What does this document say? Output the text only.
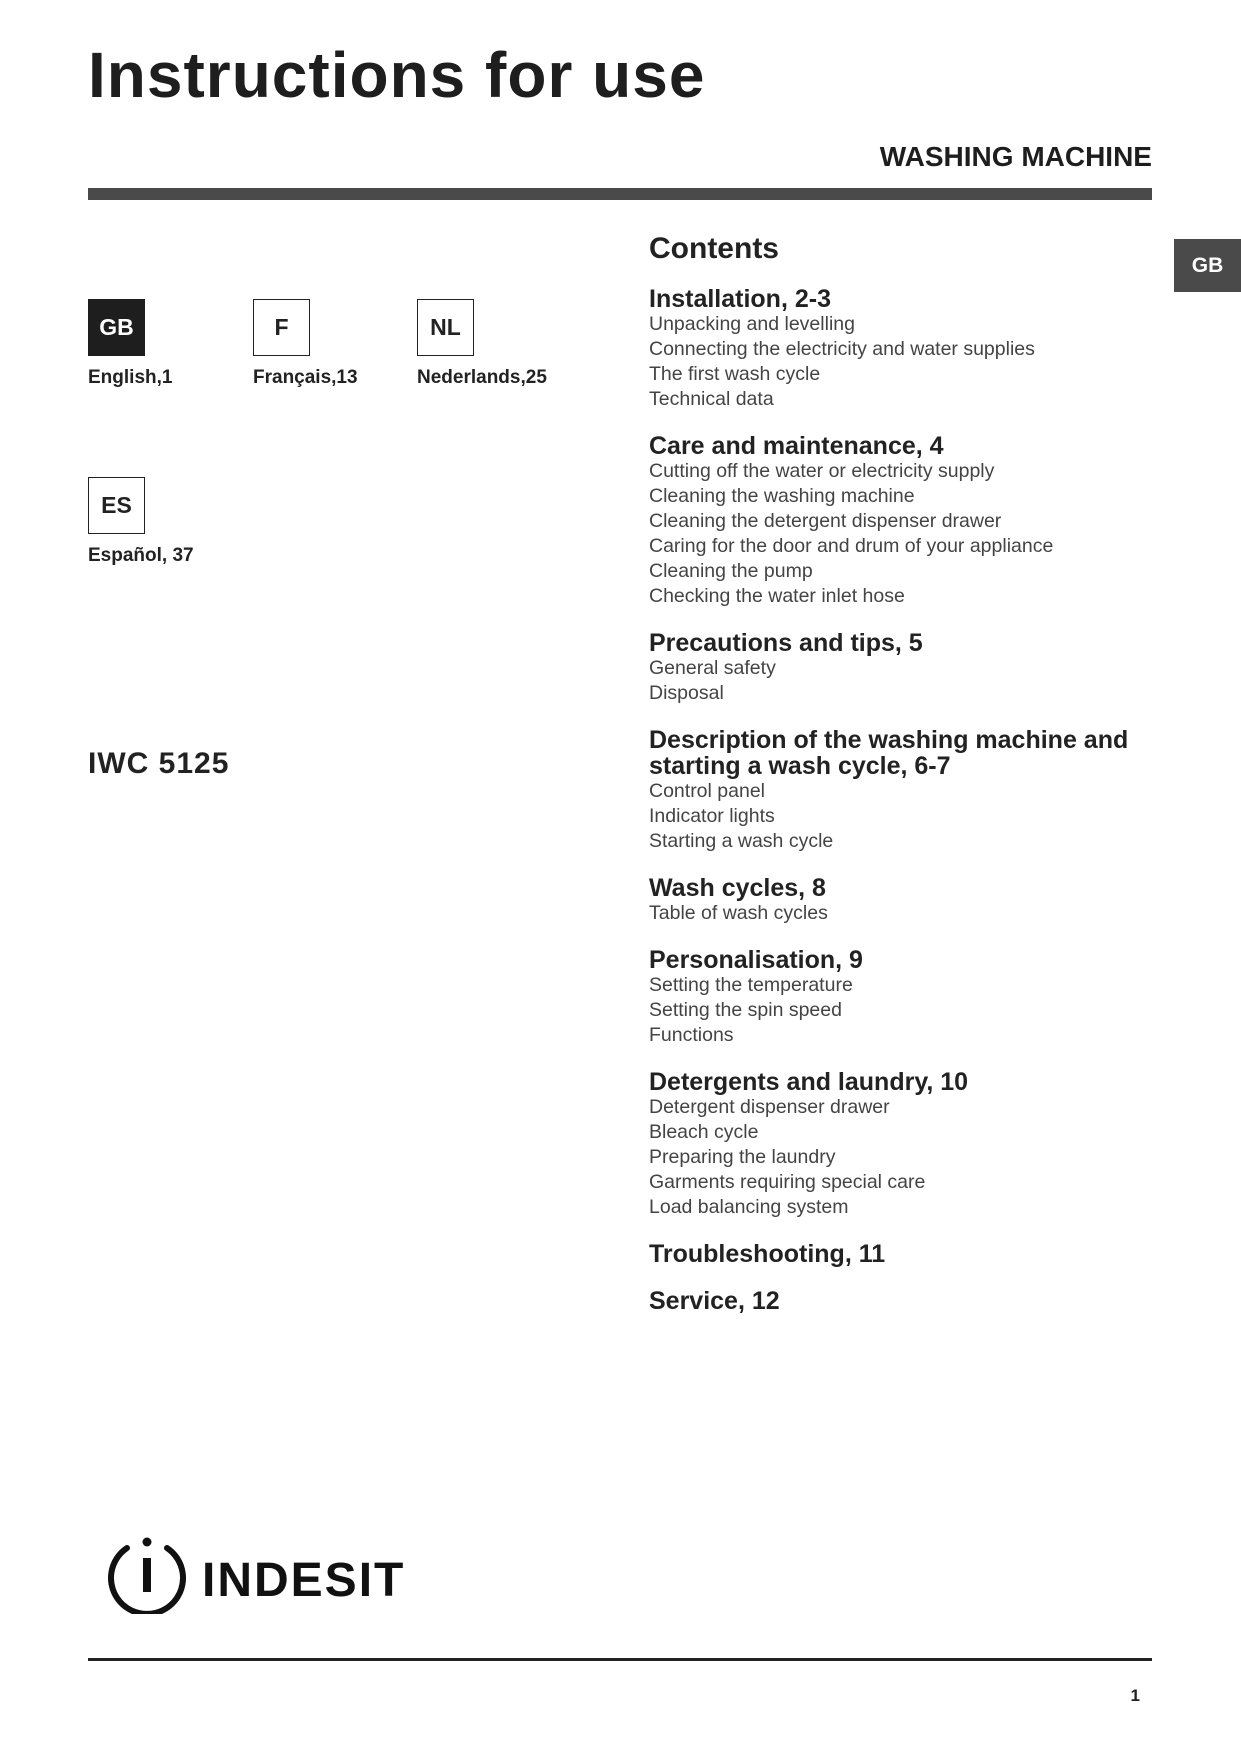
Instructions for use
WASHING MACHINE
GB
GB
English,1
F
Français,13
NL
Nederlands,25
ES
Español, 37
IWC 5125
Contents
Installation, 2-3
Unpacking and levelling
Connecting the electricity and water supplies
The first wash cycle
Technical data
Care and maintenance, 4
Cutting off the water or electricity supply
Cleaning the washing machine
Cleaning the detergent dispenser drawer
Caring for the door and drum of your appliance
Cleaning the pump
Checking the water inlet hose
Precautions and tips, 5
General safety
Disposal
Description of the washing machine and starting a wash cycle, 6-7
Control panel
Indicator lights
Starting a wash cycle
Wash cycles, 8
Table of wash cycles
Personalisation, 9
Setting the temperature
Setting the spin speed
Functions
Detergents and laundry, 10
Detergent dispenser drawer
Bleach cycle
Preparing the laundry
Garments requiring special care
Load balancing system
Troubleshooting, 11
Service, 12
INDESIT
1
